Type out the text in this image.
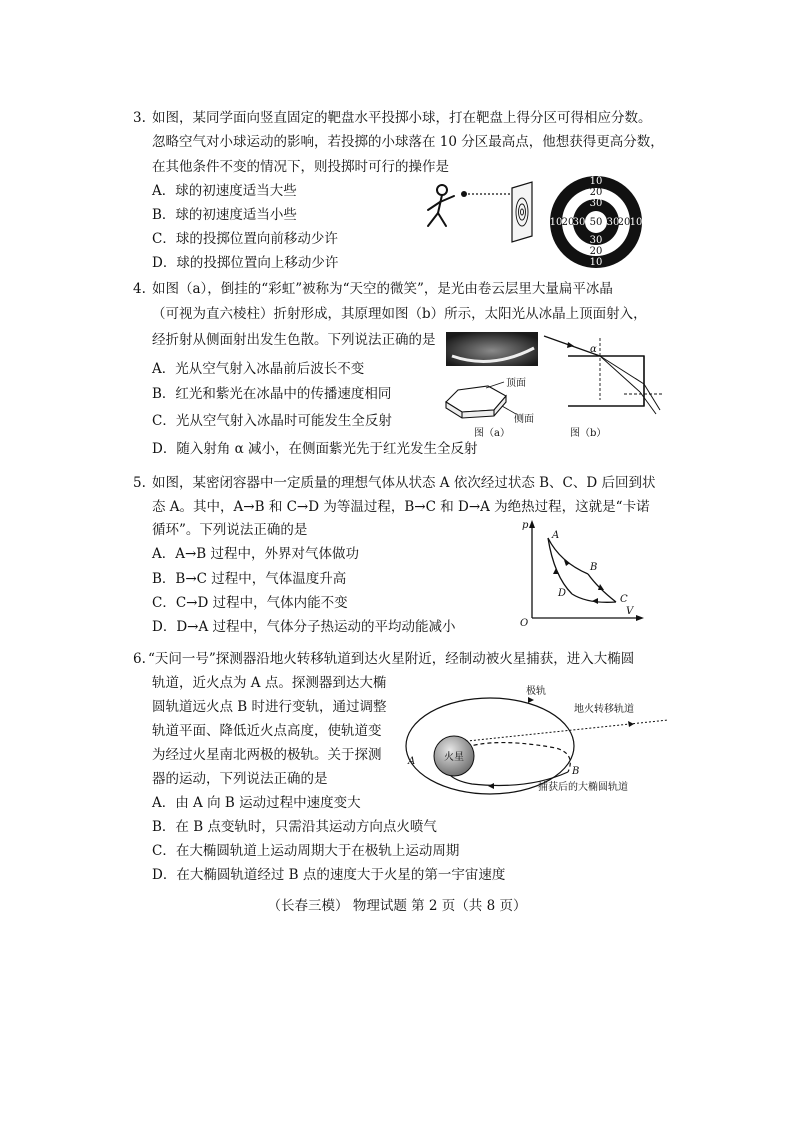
3. 如图，某同学面向竖直固定的靶盘水平投掷小球，打在靶盘上得分区可得相应分数。
忽略空气对小球运动的影响，若投掷的小球落在 10 分区最高点，他想获得更高分数，
在其他条件不变的情况下，则投掷时可行的操作是
A．球的初速度适当大些
B．球的初速度适当小些
C．球的投掷位置向前移动少许
D．球的投掷位置向上移动少许
10
20
30
50
30
20
10
10 20
30 30
20 10
4. 如图（a），倒挂的“彩虹”被称为“天空的微笑”，是光由卷云层里大量扁平冰晶
（可视为直六棱柱）折射形成，其原理如图（b）所示，太阳光从冰晶上顶面射入，
经折射从侧面射出发生色散。下列说法正确的是
A．光从空气射入冰晶前后波长不变
B．红光和紫光在冰晶中的传播速度相同
C．光从空气射入冰晶时可能发生全反射
D．随入射角 α 减小，在侧面紫光先于红光发生全反射
顶面
侧面
图（a）
α
图（b）
5. 如图，某密闭容器中一定质量的理想气体从状态 A 依次经过状态 B、C、D 后回到状
态 A。其中，A→B 和 C→D 为等温过程，B→C 和 D→A 为绝热过程，这就是“卡诺
循环”。下列说法正确的是
A．A→B 过程中，外界对气体做功
B．B→C 过程中，气体温度升高
C．C→D 过程中，气体内能不变
D．D→A 过程中，气体分子热运动的平均动能减小
p
V
O
A
B
C
D
6. “天问一号”探测器沿地火转移轨道到达火星附近，经制动被火星捕获，进入大椭圆
轨道，近火点为 A 点。探测器到达大椭
圆轨道远火点 B 时进行变轨，通过调整
轨道平面、降低近火点高度，使轨道变
为经过火星南北两极的极轨。关于探测
器的运动，下列说法正确的是
A．由 A 向 B 运动过程中速度变大
B．在 B 点变轨时，只需沿其运动方向点火喷气
C．在大椭圆轨道上运动周期大于在极轨上运动周期
D．在大椭圆轨道经过 B 点的速度大于火星的第一宇宙速度
火星
极轨
地火转移轨道
捕获后的大椭圆轨道
A
B
（长春三模） 物理试题 第 2 页（共 8 页）
